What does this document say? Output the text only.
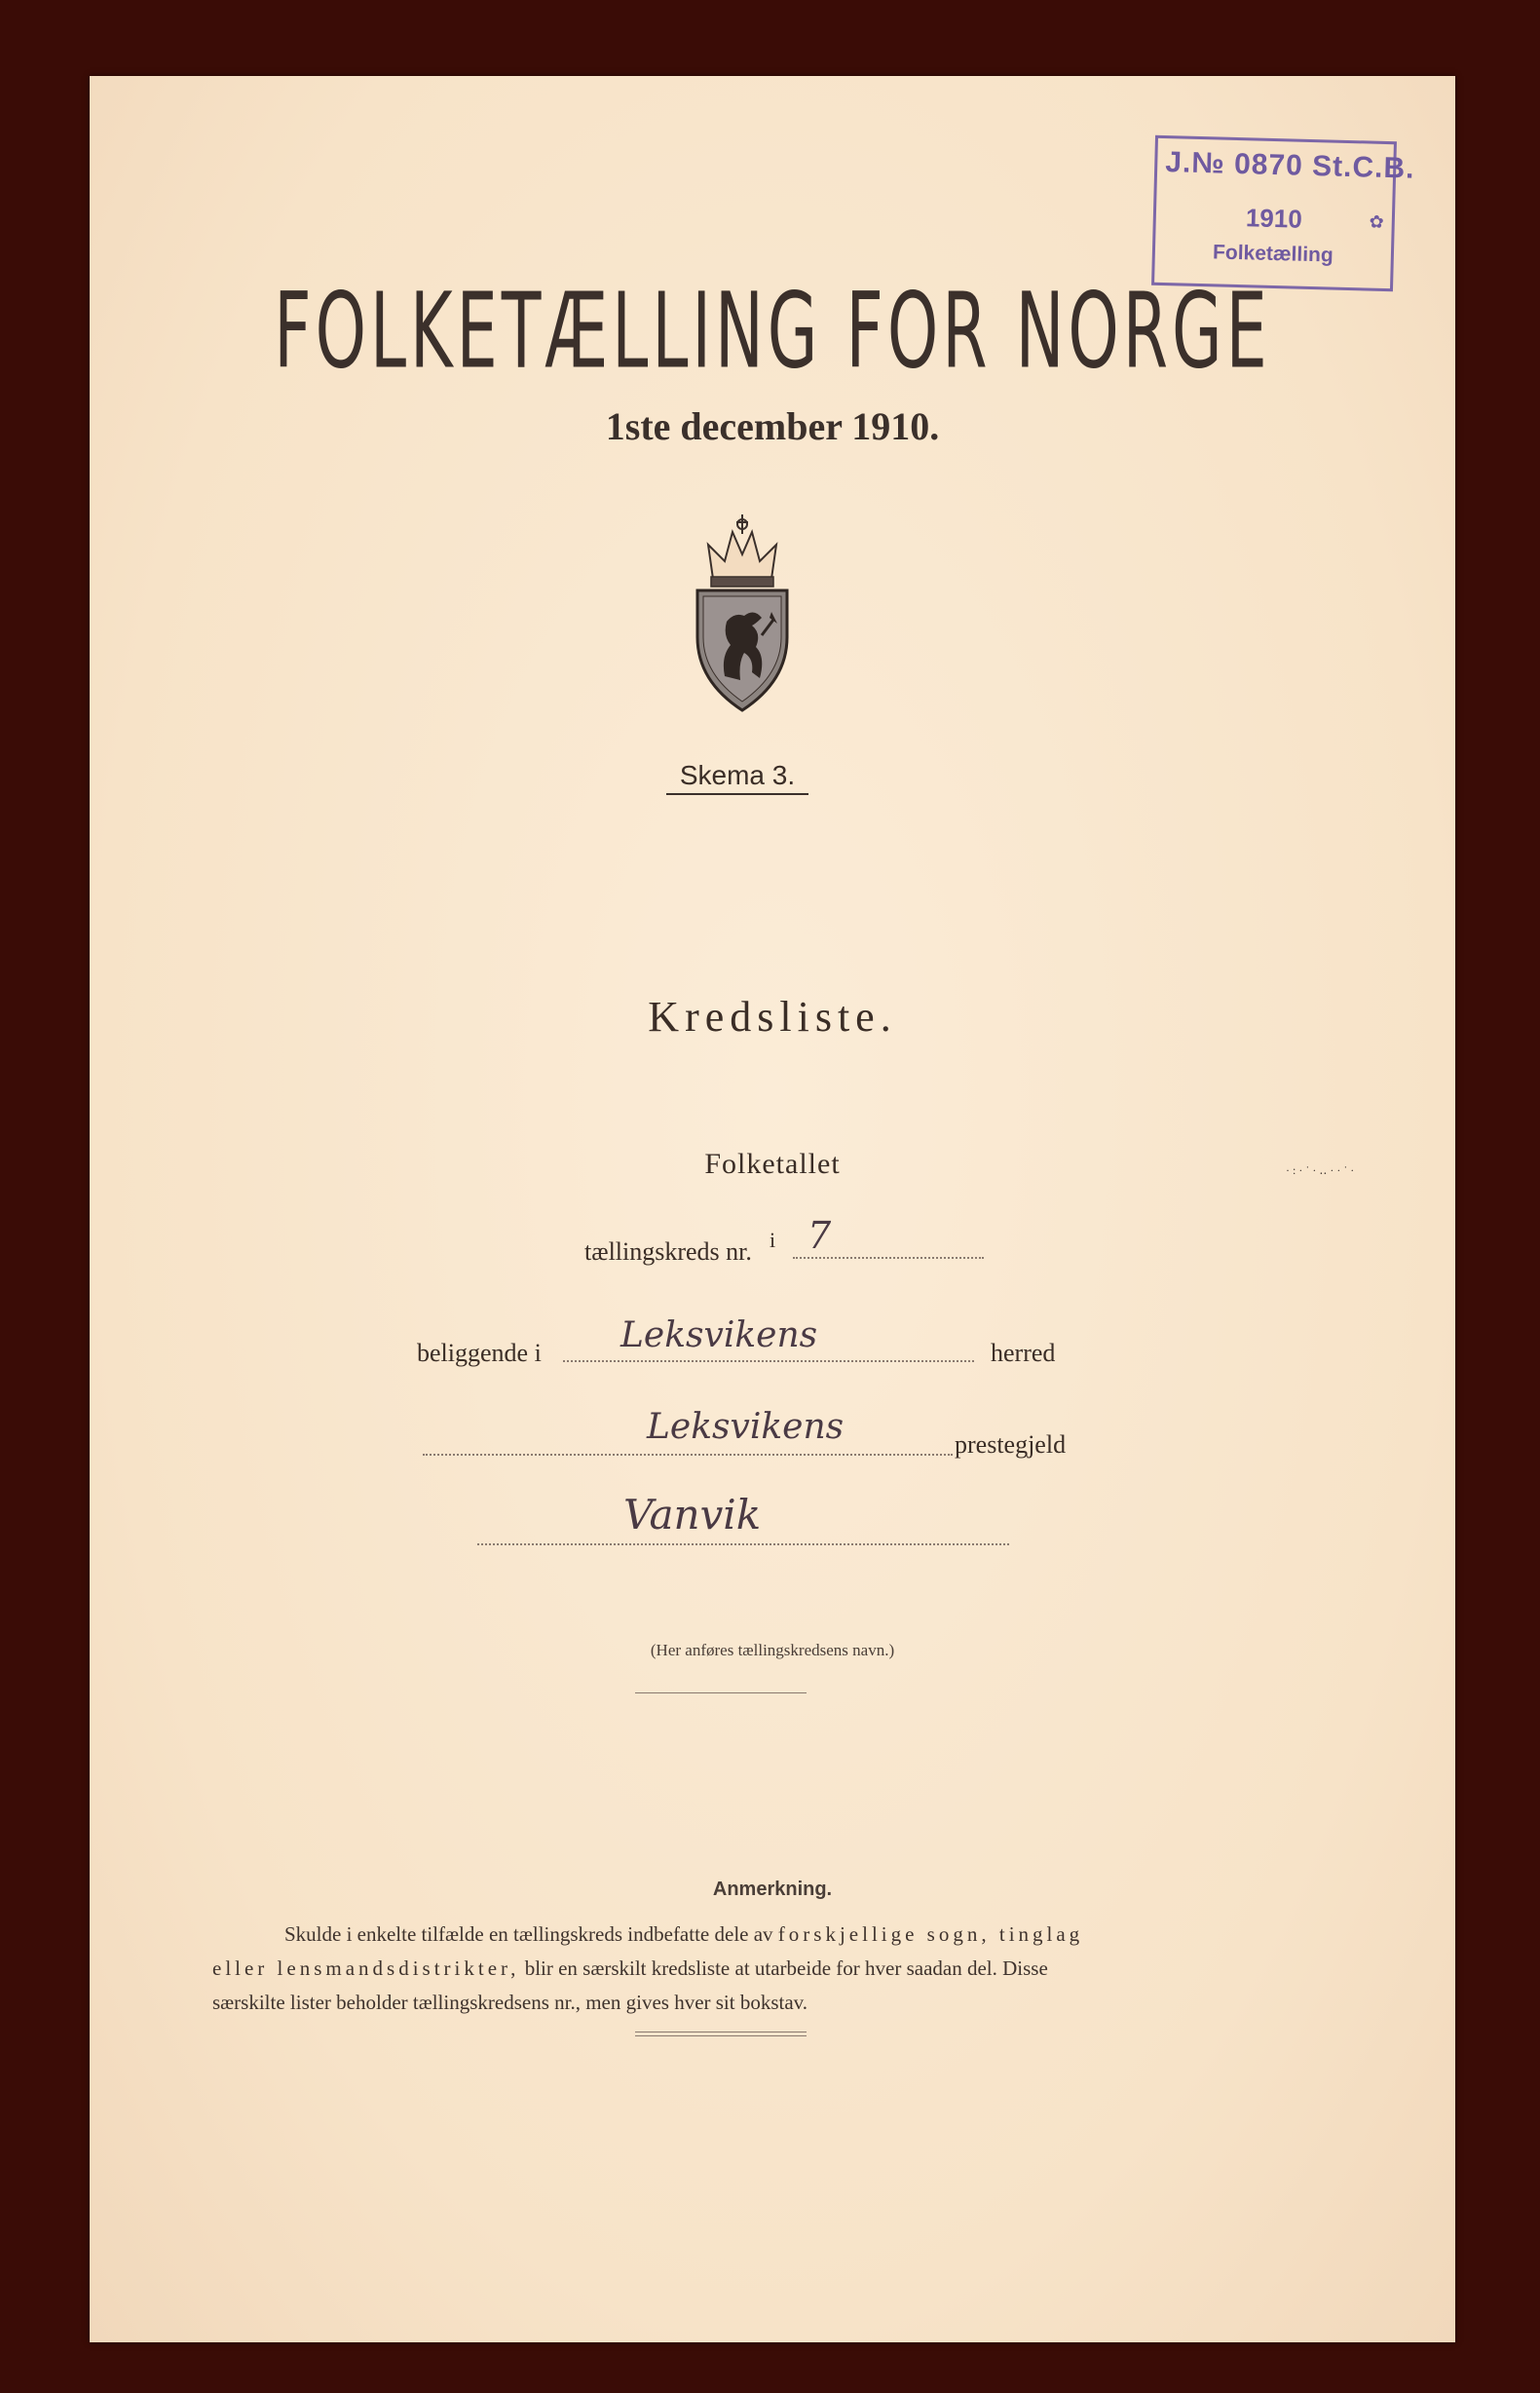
J.№ 0870 St.C.B.
1910	✿
Folketælling
FOLKETÆLLING FOR NORGE
1ste december 1910.
Skema 3.
Kredsliste.
Folketallet
i
tællingskreds nr. 7
beliggende i Leksvikens	herred
Leksvikens	prestegjeld
Vanvik
(Her anføres tællingskredsens navn.)
Anmerkning.
Skulde i enkelte tilfælde en tællingskreds indbefatte dele av forskjellige sogn, tinglag
eller lensmandsdistrikter, blir en særskilt kredsliste at utarbeide for hver saadan del. Disse
særskilte lister beholder tællingskredsens nr., men gives hver sit bokstav.
·:·˙·‥··˙·
